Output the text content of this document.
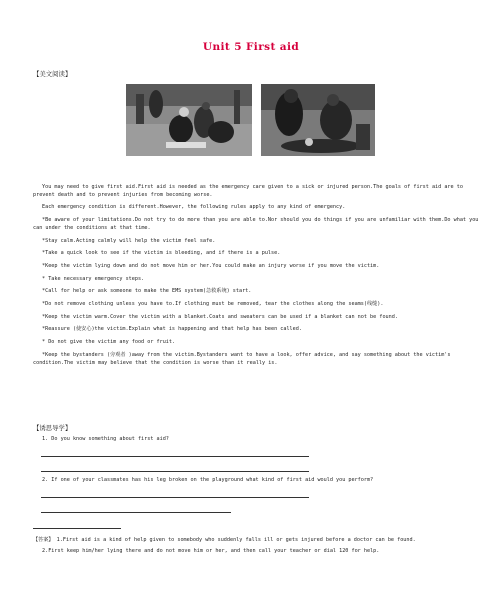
Unit 5 First aid
【美文阅读】

You may need to give first aid.First aid is needed as the emergency care given to a sick or injured person.The goals of first aid are to prevent death and to prevent injuries from becoming worse.

Each emergency condition is different.However, the following rules apply to any kind of emergency.

*Be aware of your limitations.Do not try to do more than you are able to.Nor should you do things if you are unfamiliar with them.Do what you can under the conditions at that time.

*Stay calm.Acting calmly will help the victim feel safe.

*Take a quick look to see if the victim is bleeding, and if there is a pulse.

*Keep the victim lying down and do not move him or her.You could make an injury worse if you move the victim.

* Take necessary emergency steps.

*Call for help or ask someone to make the EMS system(急救系统) start.

*Do not remove clothing unless you have to.If clothing must be removed, tear the clothes along the seams(线缝).

*Keep the victim warm.Cover the victim with a blanket.Coats and sweaters can be used if a blanket can not be found.

*Reassure (使安心)the victim.Explain what is happening and that help has been called.

* Do not give the victim any food or fruit.

*Keep the bystanders (旁观者 )away from the victim.Bystanders want to have a look, offer advice, and say something about the victim's condition.The victim may believe that the condition is worse than it really is.

【诱思导学】

1. Do you know something about first aid?

2. If one of your classmates has his leg broken on the playground what kind of first aid would you perform?

【答案】 1.First aid is a kind of help given to somebody who suddenly falls ill or gets injured before a doctor can be found.

2.First keep him/her lying there and do not move him or her, and then call your teacher or dial 120 for help.
